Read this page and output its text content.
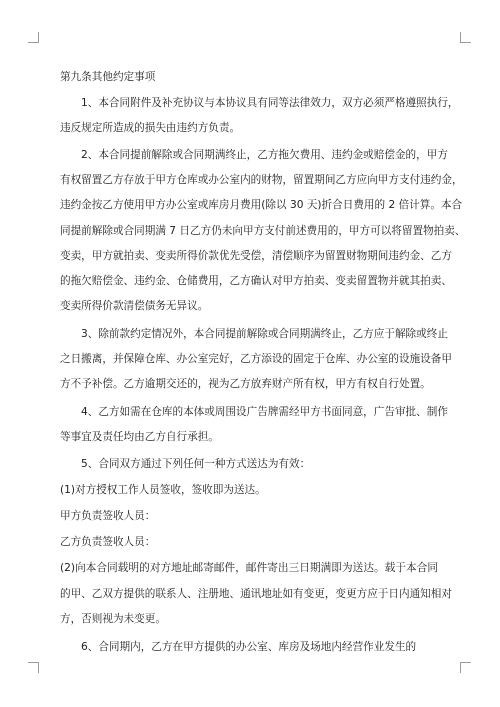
第九条其他约定事项
1、本合同附件及补充协议与本协议具有同等法律效力，双方必须严格遵照执行，
违反规定所造成的损失由违约方负责。
2、本合同提前解除或合同期满终止，乙方拖欠费用、违约金或赔偿金的，甲方
有权留置乙方存放于甲方仓库或办公室内的财物，留置期间乙方应向甲方支付违约金，
违约金按乙方使用甲方办公室或库房月费用(除以 30 天)折合日费用的 2 倍计算。本合
同提前解除或合同期满 7 日乙方仍未向甲方支付前述费用的，甲方可以将留置物拍卖、
变卖，甲方就拍卖、变卖所得价款优先受偿，清偿顺序为留置财物期间违约金、乙方
的拖欠赔偿金、违约金、仓储费用，乙方确认对甲方拍卖、变卖留置物并就其拍卖、
变卖所得价款清偿债务无异议。
3、除前款约定情况外，本合同提前解除或合同期满终止，乙方应于解除或终止
之日搬离，并保障仓库、办公室完好，乙方添设的固定于仓库、办公室的设施设备甲
方不予补偿。乙方逾期交还的，视为乙方放弃财产所有权，甲方有权自行处置。
4、乙方如需在仓库的本体或周围设广告牌需经甲方书面同意，广告审批、制作
等事宜及责任均由乙方自行承担。
5、合同双方通过下列任何一种方式送达为有效：
(1)对方授权工作人员签收，签收即为送达。
甲方负责签收人员：
乙方负责签收人员：
(2)向本合同载明的对方地址邮寄邮件，邮件寄出三日期满即为送达。载于本合同
的甲、乙双方提供的联系人、注册地、通讯地址如有变更，变更方应于日内通知相对
方，否则视为未变更。
6、合同期内，乙方在甲方提供的办公室、库房及场地内经营作业发生的
